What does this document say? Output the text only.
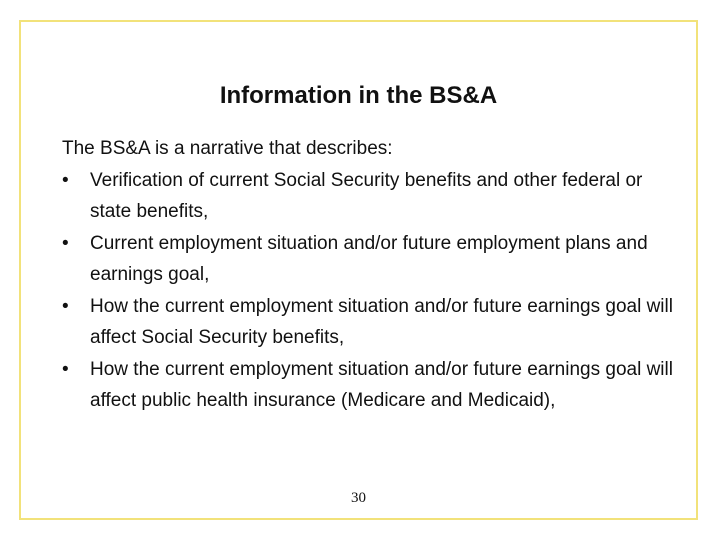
Information in the BS&A

The BS&A is a narrative that describes:

• Verification of current Social Security benefits and other federal or state benefits,
• Current employment situation and/or future employment plans and earnings goal,
• How the current employment situation and/or future earnings goal will affect Social Security benefits,
• How the current employment situation and/or future earnings goal will affect public health insurance (Medicare and Medicaid),
30
